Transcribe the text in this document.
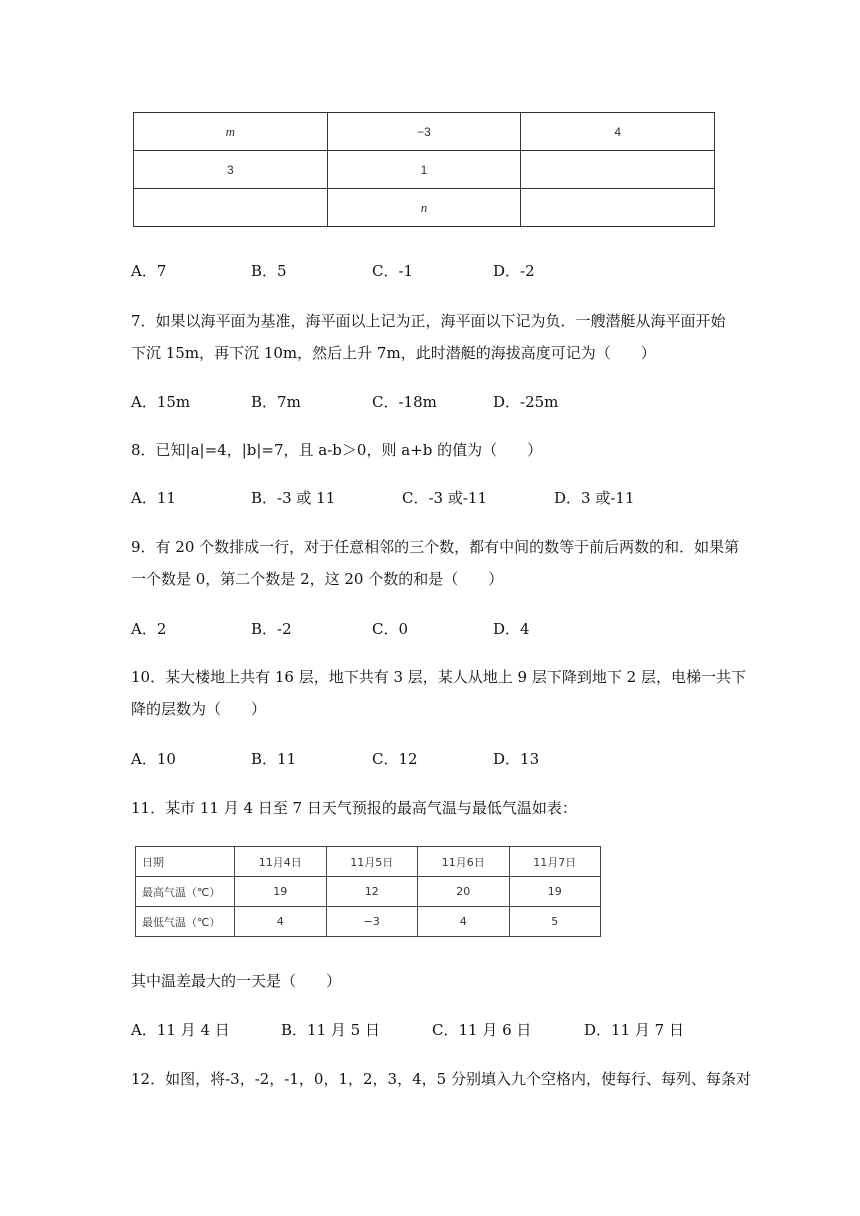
m	−3	4
3	1	
	n	
A．7	B．5	C．-1	D．-2
7．如果以海平面为基准，海平面以上记为正，海平面以下记为负．一艘潜艇从海平面开始
下沉 15m，再下沉 10m，然后上升 7m，此时潜艇的海拔高度可记为（　　）
A．15m	B．7m	C．-18m	D．-25m
8．已知|a|=4，|b|=7，且 a-b＞0，则 a+b 的值为（　　）
A．11	B．-3 或 11	C．-3 或-11	D．3 或-11
9．有 20 个数排成一行，对于任意相邻的三个数，都有中间的数等于前后两数的和．如果第
一个数是 0，第二个数是 2，这 20 个数的和是（　　）
A．2	B．-2	C．0	D．4
10．某大楼地上共有 16 层，地下共有 3 层，某人从地上 9 层下降到地下 2 层，电梯一共下
降的层数为（　　）
A．10	B．11	C．12	D．13
11．某市 11 月 4 日至 7 日天气预报的最高气温与最低气温如表：
日期	11月4日	11月5日	11月6日	11月7日
最高气温（℃）	19	12	20	19
最低气温（℃）	4	−3	4	5
其中温差最大的一天是（　　）
A．11 月 4 日	B．11 月 5 日	C．11 月 6 日	D．11 月 7 日
12．如图，将-3，-2，-1，0，1，2，3，4，5 分别填入九个空格内，使每行、每列、每条对
